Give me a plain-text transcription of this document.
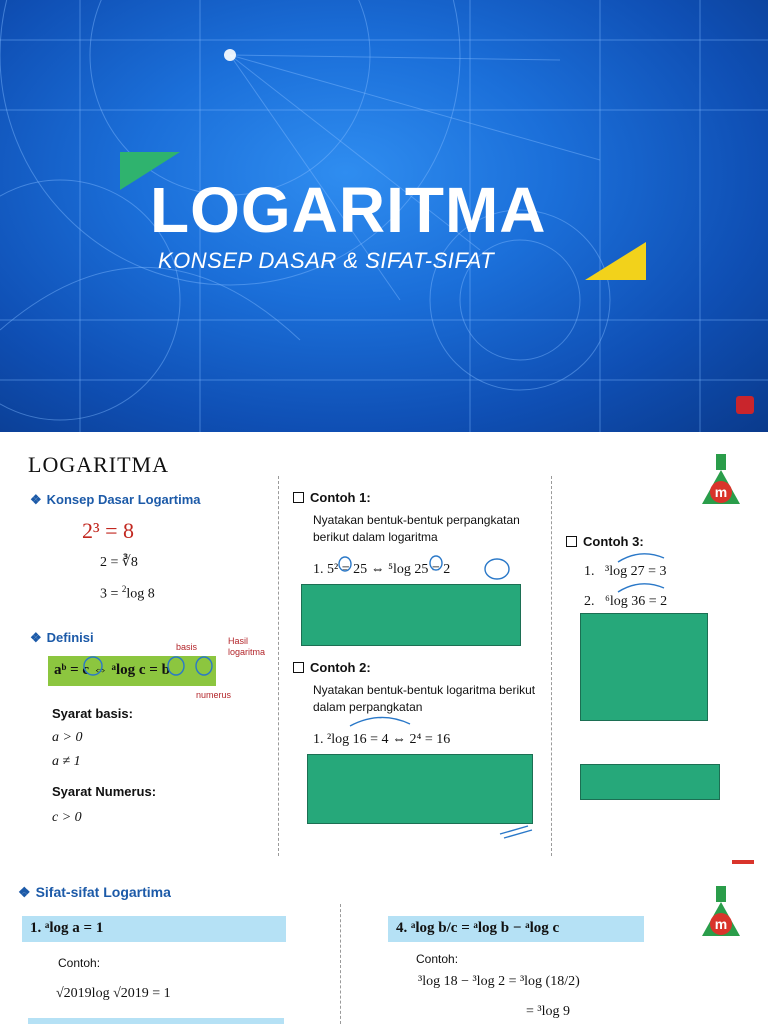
LOGARITMA

KONSEP DASAR & SIFAT-SIFAT

LOGARITMA
m
❖ Konsep Dasar Logartima
2³ = 8
2 = ∛8
3 = $^2$log 8
❖ Definisi
basis
Hasil logaritma
aᵇ = c ⇔ ᵃlog c = b
numerus
Syarat basis:
a > 0
a ≠ 1
Syarat Numerus:
c > 0
Contoh 1:
Nyatakan bentuk-bentuk perpangkatan berikut dalam logaritma
1. 5² = 25 ⇔ ⁵log 25 = 2
Contoh 2:
Nyatakan bentuk-bentuk logaritma berikut dalam perpangkatan
1. ²log 16 = 4 ⇔ 2⁴ = 16
Contoh 3:
1. ³log 27 = 3
2. ⁶log 36 = 2
❖ Sifat-sifat Logartima
m
1. ᵃlog a = 1
Contoh:
√2019log √2019 = 1
4. ᵃlog b/c = ᵃlog b − ᵃlog c
Contoh:
³log 18 − ³log 2 = ³log (18/2)
= ³log 9
